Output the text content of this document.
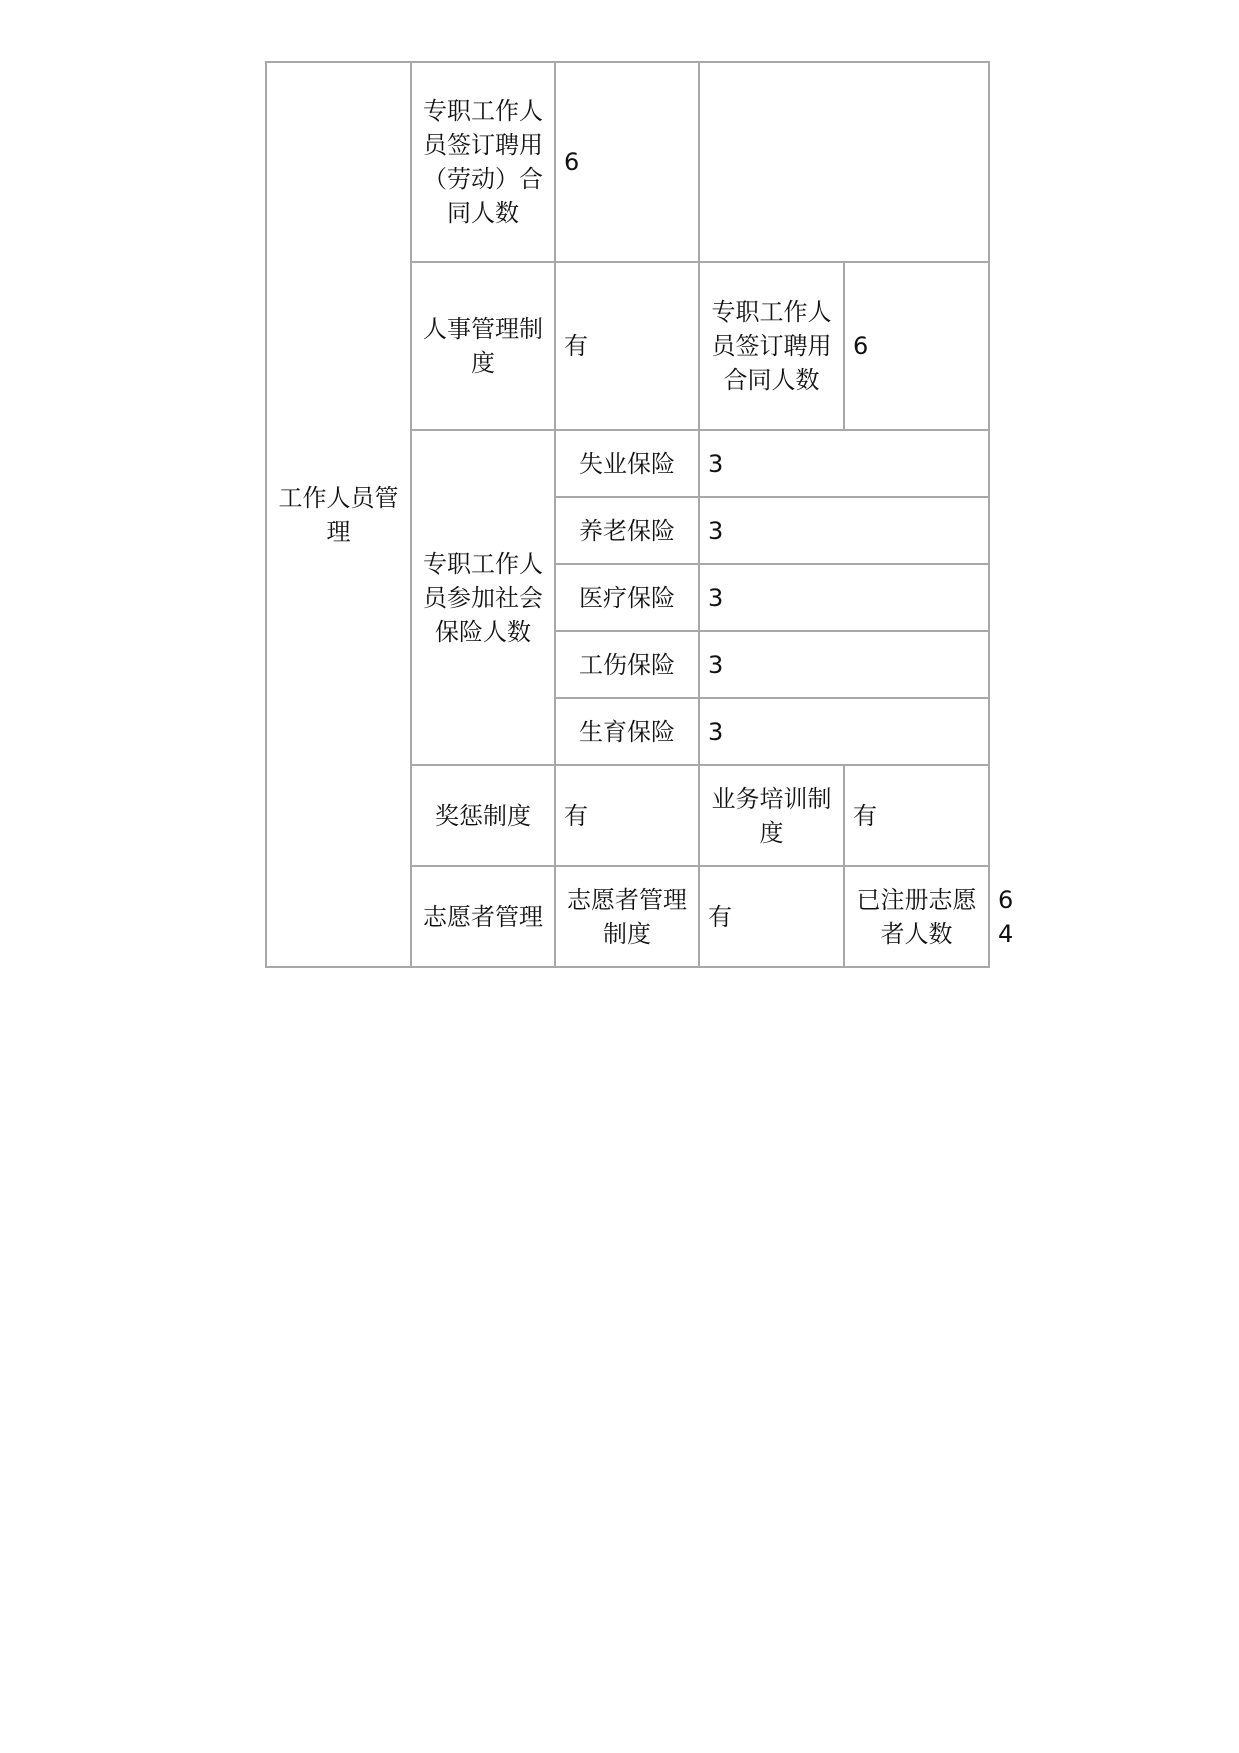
工作人员管理	专职工作人员签订聘用（劳动）合同人数	6			
	人事管理制度	有	专职工作人员签订聘用合同人数	6	
	专职工作人员参加社会保险人数	失业保险	3		
		养老保险	3		
		医疗保险	3		
		工伤保险	3		
		生育保险	3		
	奖惩制度	有	业务培训制度	有	
	志愿者管理	志愿者管理制度	有	已注册志愿者人数	64
